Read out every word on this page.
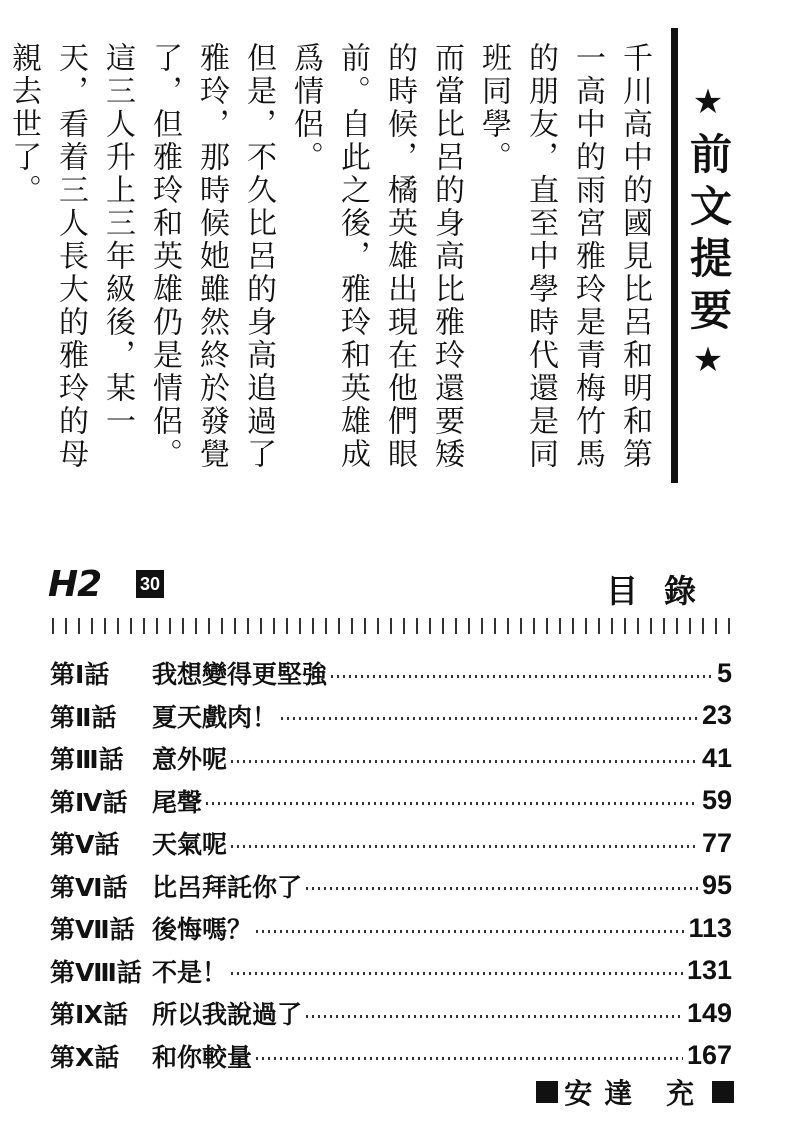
★前文提要★

千川高中的國見比呂和明和第一高中的雨宮雅玲是青梅竹馬的朋友，直至中學時代還是同班同學。

而當比呂的身高比雅玲還要矮的時候，橘英雄出現在他們眼前。自此之後，雅玲和英雄成爲情侶。

但是，不久比呂的身高追過了雅玲，那時候她雖然終於發覺了，但雅玲和英雄仍是情侶。

這三人升上三年級後，某一天，看着三人長大的雅玲的母親去世了。

H2 30	目錄
第Ⅰ話	我想變得更堅強	5
第Ⅱ話	夏天戲肉！	23
第Ⅲ話	意外呢	41
第Ⅳ話 尾聲	59
第Ⅴ話	天氣呢	77
第Ⅵ話 比呂拜託你了	95
第Ⅶ話 後悔嗎？	113
第Ⅷ話 不是！	131
第Ⅸ話 所以我說過了	149
第Ⅹ話	和你較量	167
安達 充
